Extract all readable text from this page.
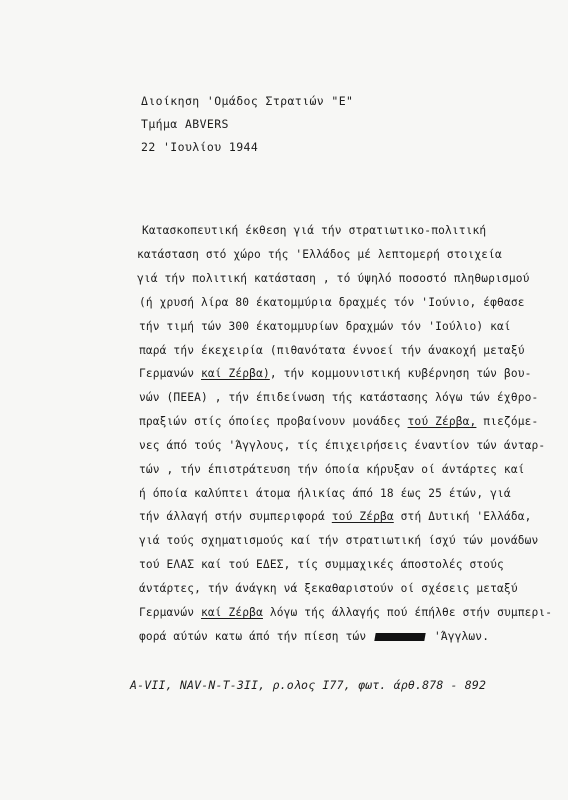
Διοίκηση 'Ομάδος Στρατιών "Ε"
Τμήμα ABVERS
22 'Ιουλίου 1944
Κατασκοπευτική έκθεση γιά τήν στρατιωτικο-πολιτική
κατάσταση στό χώρο τής 'Ελλάδος μέ λεπτομερή στοιχεία
γιά τήν πολιτική κατάσταση , τό ύψηλό ποσοστό πληθωρισμού
(ή χρυσή λίρα 80 έκατομμύρια δραχμές τόν 'Ιούνιο, έφθασε
τήν τιμή τών 300 έκατομμυρίων δραχμών τόν 'Ιούλιο) καί
παρά τήν έκεχειρία (πιθανότατα έννοεί τήν άνακοχή μεταξύ
Γερμανών καί Ζέρβα), τήν κομμουνιστική κυβέρνηση τών βου-
νών (ΠΕΕΑ) , τήν έπιδείνωση τής κατάστασης λόγω τών έχθρο-
πραξιών στίς όποίες προβαίνουν μονάδες τού Ζέρβα, πιεζόμε-
νες άπό τούς 'Άγγλους, τίς έπιχειρήσεις έναντίον τών άνταρ-
τών , τήν έπιστράτευση τήν όποία κήρυξαν οί άντάρτες καί
ή όποία καλύπτει άτομα ήλικίας άπό 18 έως 25 έτών, γιά
τήν άλλαγή στήν συμπεριφορά τού Ζέρβα στή Δυτική 'Ελλάδα,
γιά τούς σχηματισμούς καί τήν στρατιωτική ίσχύ τών μονάδων
τού ΕΛΑΣ καί τού ΕΔΕΣ, τίς συμμαχικές άποστολές στούς
άντάρτες, τήν άνάγκη νά ξεκαθαριστούν οί σχέσεις μεταξύ
Γερμανών καί Ζέρβα λόγω τής άλλαγής πού έπήλθε στήν συμπερι-
φορά αύτών κατω άπό τήν πίεση τών	'Άγγλων.
A-VII, NAV-N-T-3II, ρ.ολος I77, φωτ. άρθ.878 - 892
